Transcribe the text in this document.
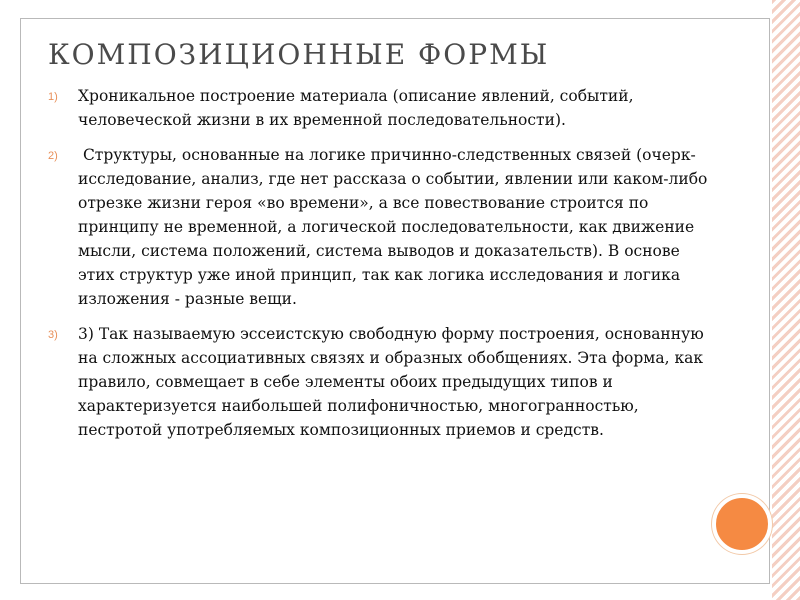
КОМПОЗИЦИОННЫЕ ФОРМЫ
1) Хроникальное построение материала (описание явлений, событий, человеческой жизни в их временной последовательности).
2) Структуры, основанные на логике причинно-следственных связей (очерк-исследование, анализ, где нет рассказа о событии, явлении или каком-либо отрезке жизни героя «во времени», а все повествование строится по принципу не временной, а логической последовательности, как движение мысли, система положений, система выводов и доказательств). В основе этих структур уже иной принцип, так как логика исследования и логика изложения - разные вещи.
3) 3) Так называемую эссеистскую свободную форму построения, основанную на сложных ассоциативных связях и образных обобщениях. Эта форма, как правило, совмещает в себе элементы обоих предыдущих типов и характеризуется наибольшей полифоничностью, многогранностью, пестротой употребляемых композиционных приемов и средств.
